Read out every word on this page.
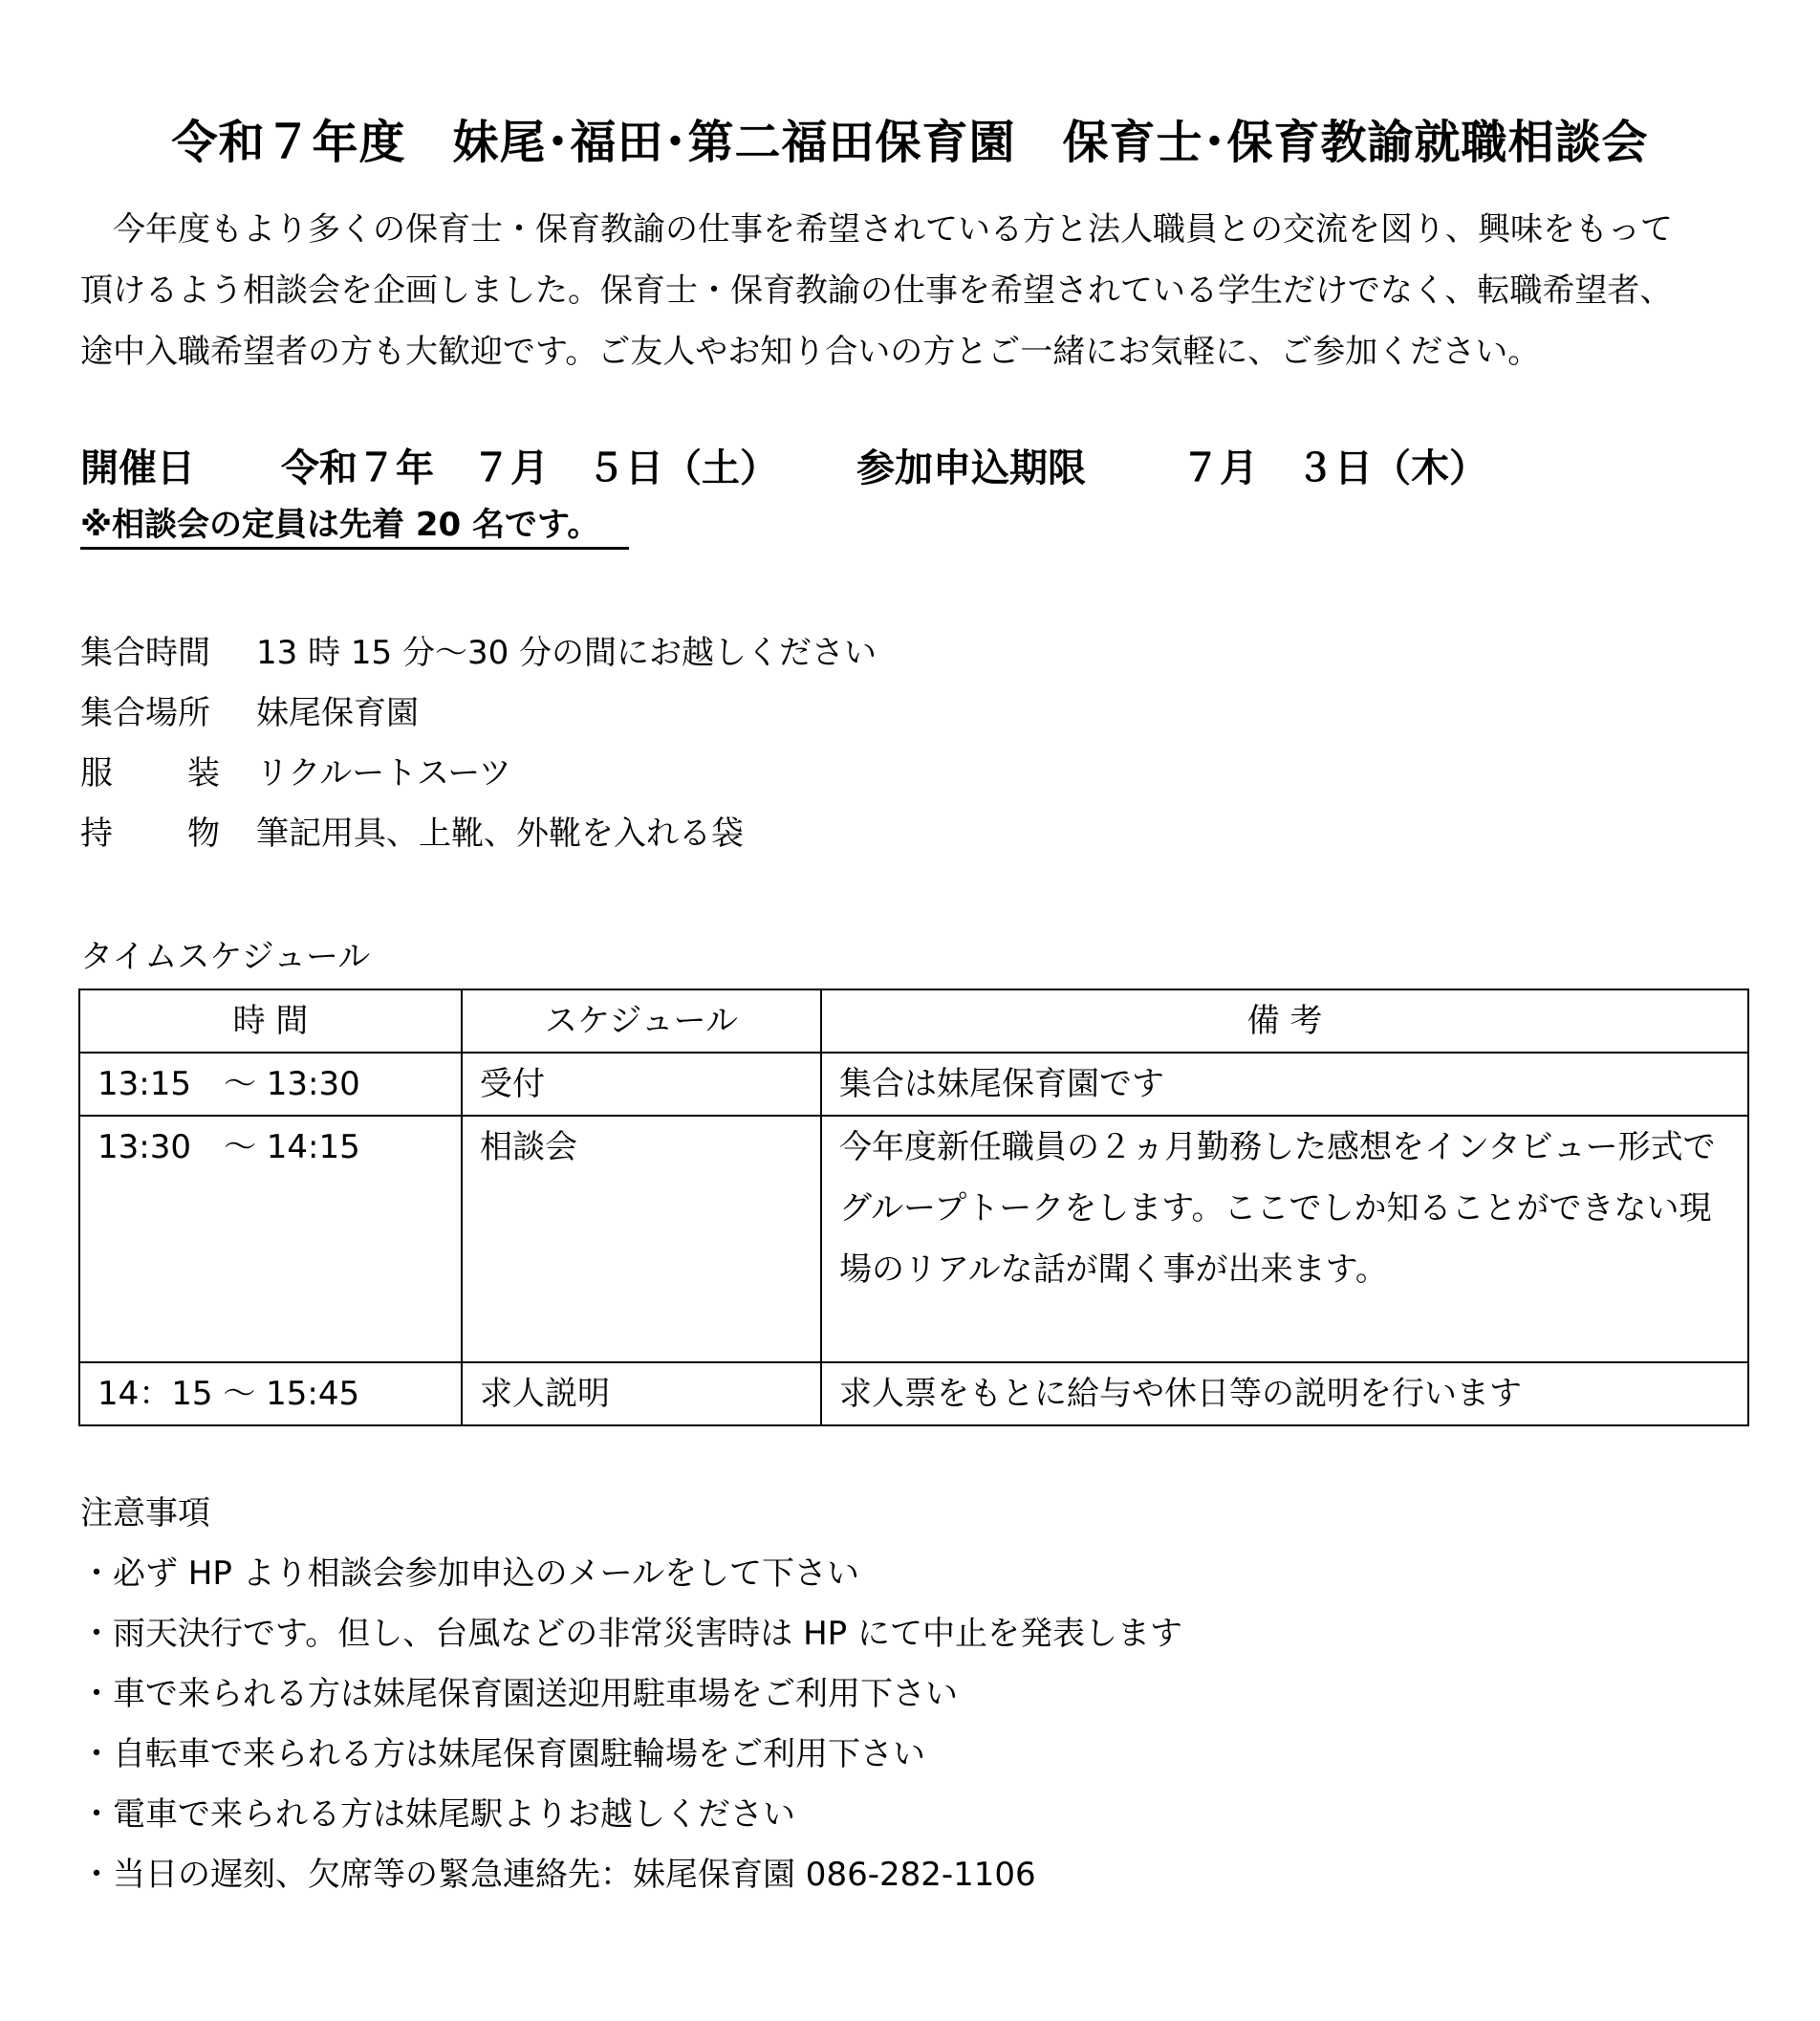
令和７年度　妹尾･福田･第二福田保育園　保育士･保育教諭就職相談会
　今年度もより多くの保育士・保育教諭の仕事を希望されている方と法人職員との交流を図り、興味をもって
頂けるよう相談会を企画しました。保育士・保育教諭の仕事を希望されている学生だけでなく、転職希望者、
途中入職希望者の方も大歓迎です。ご友人やお知り合いの方とご一緒にお気軽に、ご参加ください。
開催日 令和７年　７月　５日（土） 参加申込期限	７月　３日（木）
※相談会の定員は先着 20 名です。
集合時間 13 時 15 分～30 分の間にお越しください
集合場所 妹尾保育園
服 装 リクルートスーツ
持 物 筆記用具、上靴、外靴を入れる袋
タイムスケジュール
時 間	スケジュール	備 考
13:15　～ 13:30	受付	集合は妹尾保育園です
13:30　～ 14:15	相談会	今年度新任職員の２ヵ月勤務した感想をインタビュー形式でグループトークをします。ここでしか知ることができない現場のリアルな話が聞く事が出来ます。
14：15 ～ 15:45	求人説明	求人票をもとに給与や休日等の説明を行います
注意事項
・必ず HP より相談会参加申込のメールをして下さい
・雨天決行です。但し、台風などの非常災害時は HP にて中止を発表します
・車で来られる方は妹尾保育園送迎用駐車場をご利用下さい
・自転車で来られる方は妹尾保育園駐輪場をご利用下さい
・電車で来られる方は妹尾駅よりお越しください
・当日の遅刻、欠席等の緊急連絡先：妹尾保育園 086-282-1106
